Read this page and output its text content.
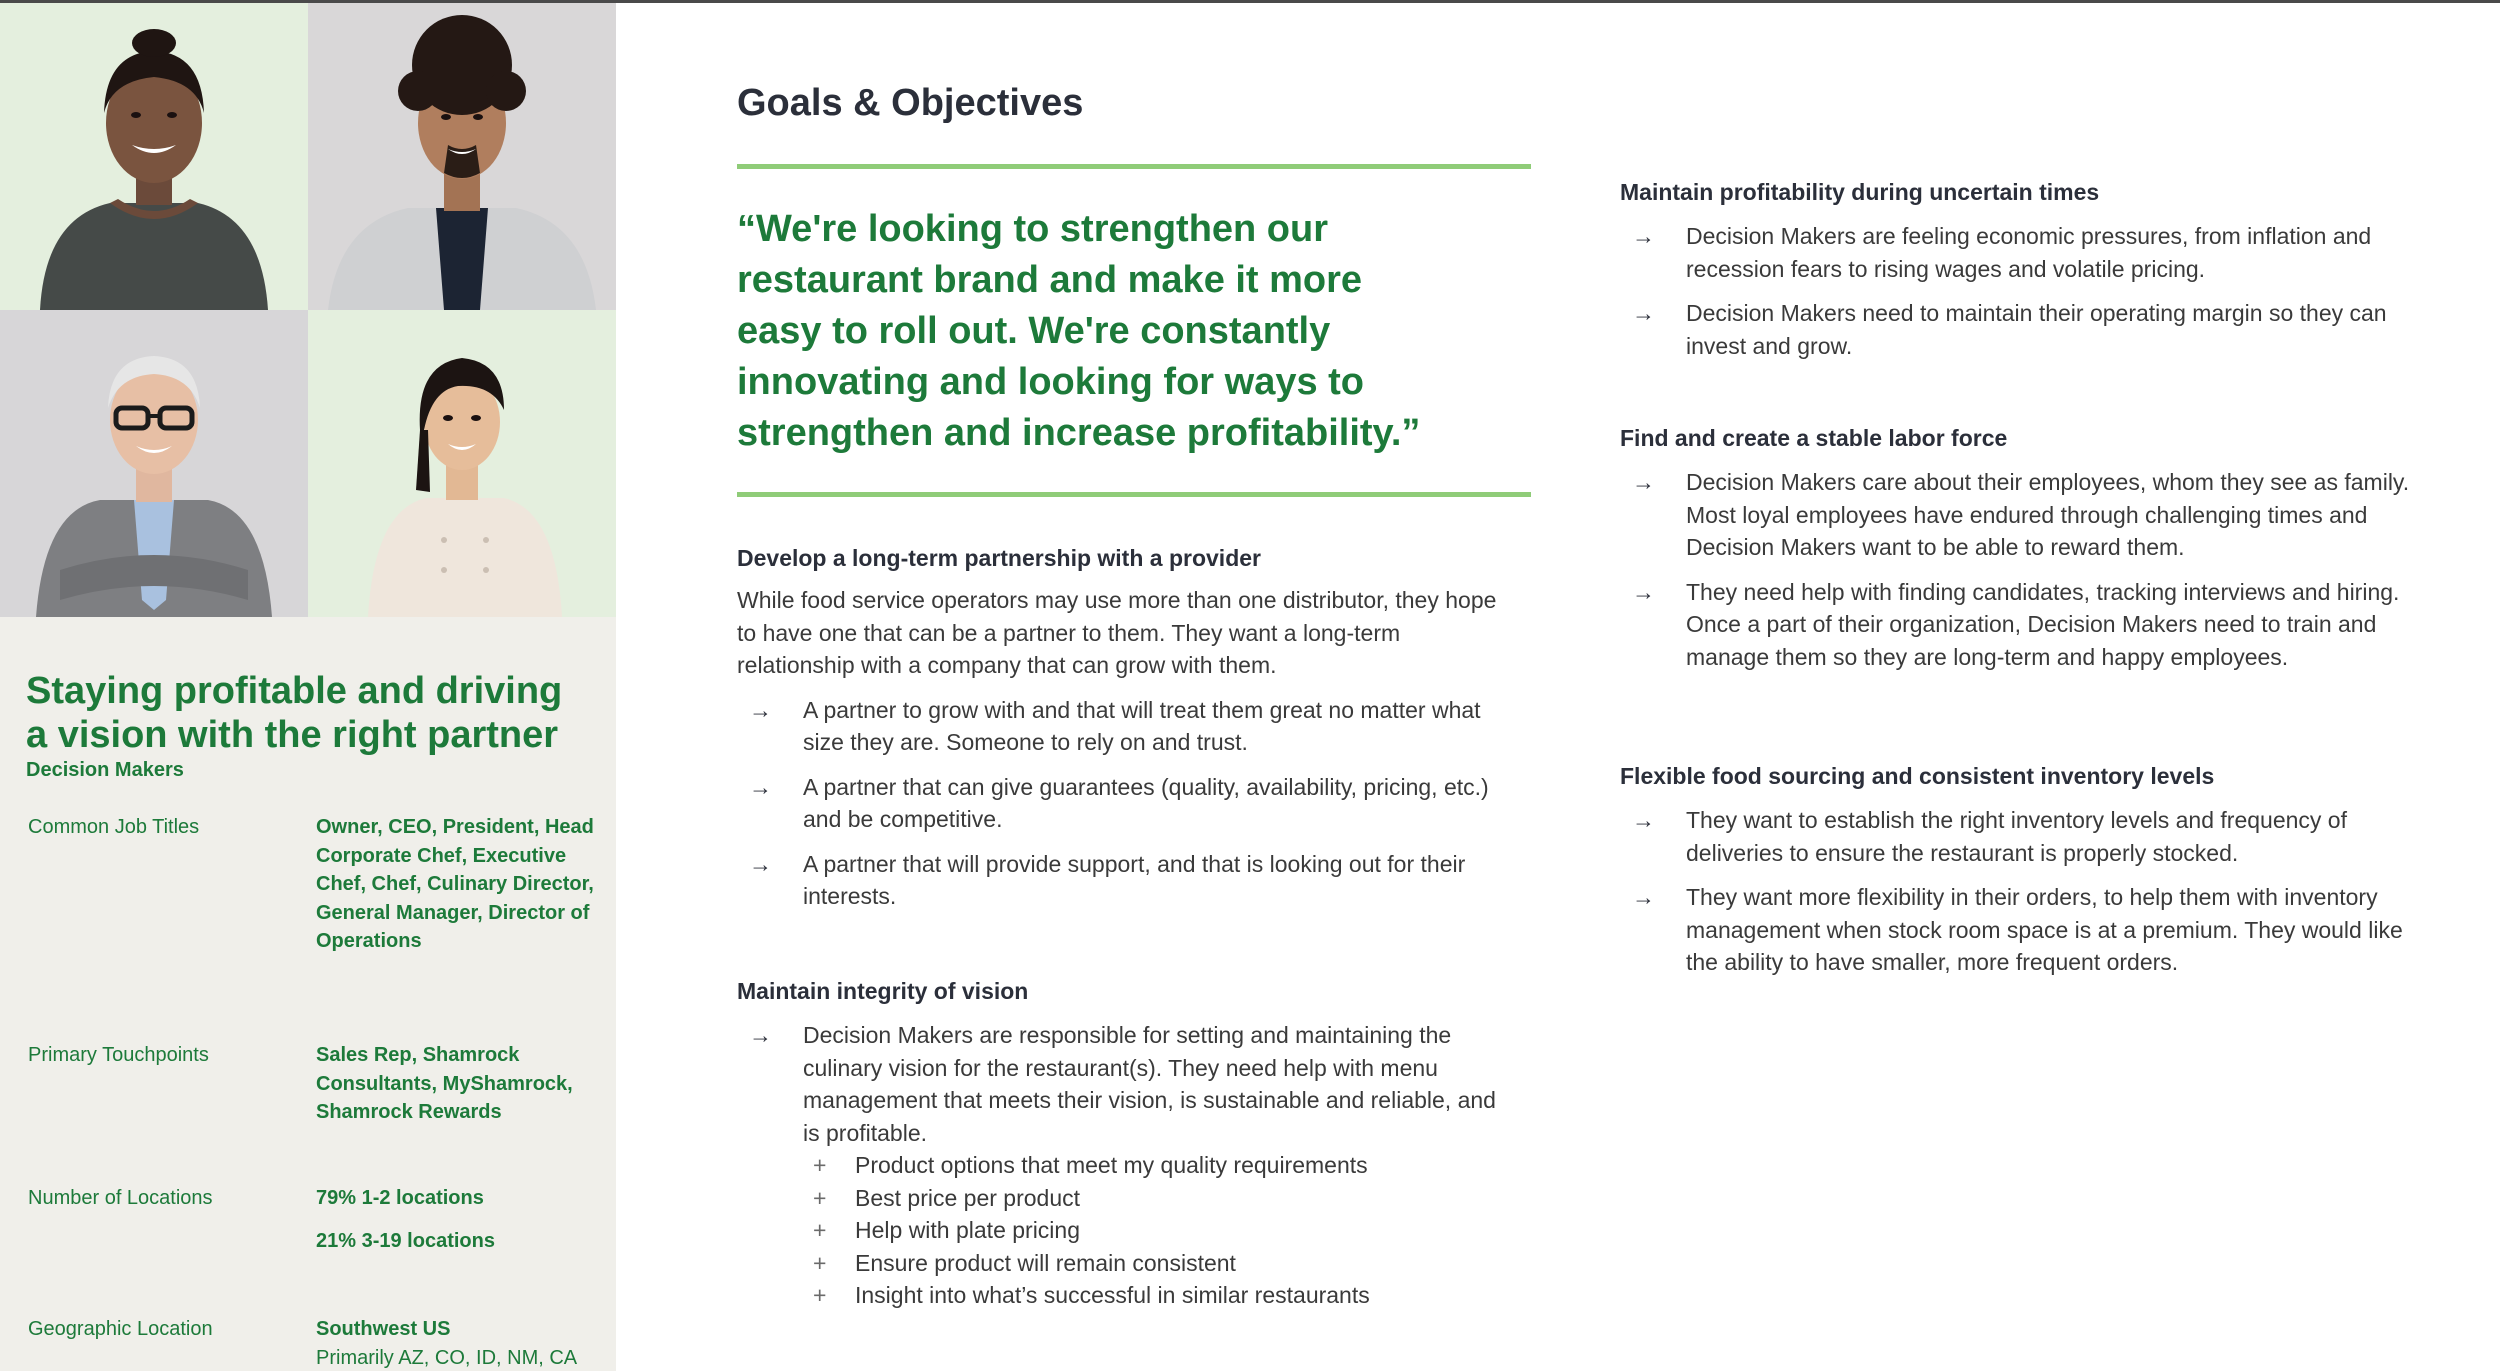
Staying profitable and driving
a vision with the right partner
Decision Makers
Common Job Titles	Owner, CEO, President, Head Corporate Chef, Executive Chef, Chef, Culinary Director, General Manager, Director of Operations
Primary Touchpoints	Sales Rep, Shamrock Consultants, MyShamrock, Shamrock Rewards
Number of Locations	79% 1-2 locations
21% 3-19 locations
Geographic Location	Southwest US
Primarily AZ, CO, ID, NM, CA
Goals & Objectives
“We're looking to strengthen our restaurant brand and make it more easy to roll out. We're constantly innovating and looking for ways to strengthen and increase profitability.”
Develop a long-term partnership with a provider
While food service operators may use more than one distributor, they hope to have one that can be a partner to them. They want a long-term relationship with a company that can grow with them.
→	A partner to grow with and that will treat them great no matter what size they are. Someone to rely on and trust.
→	A partner that can give guarantees (quality, availability, pricing, etc.) and be competitive.
→	A partner that will provide support, and that is looking out for their interests.
Maintain integrity of vision
→	Decision Makers are responsible for setting and maintaining the culinary vision for the restaurant(s). They need help with menu management that meets their vision, is sustainable and reliable, and is profitable.
+	Product options that meet my quality requirements
+	Best price per product
+	Help with plate pricing
+	Ensure product will remain consistent
+	Insight into what’s successful in similar restaurants
Maintain profitability during uncertain times
→	Decision Makers are feeling economic pressures, from inflation and recession fears to rising wages and volatile pricing.
→	Decision Makers need to maintain their operating margin so they can invest and grow.
Find and create a stable labor force
→	Decision Makers care about their employees, whom they see as family. Most loyal employees have endured through challenging times and Decision Makers want to be able to reward them.
→	They need help with finding candidates, tracking interviews and hiring. Once a part of their organization, Decision Makers need to train and manage them so they are long-term and happy employees.
Flexible food sourcing and consistent inventory levels
→	They want to establish the right inventory levels and frequency of deliveries to ensure the restaurant is properly stocked.
→	They want more flexibility in their orders, to help them with inventory management when stock room space is at a premium. They would like the ability to have smaller, more frequent orders.
